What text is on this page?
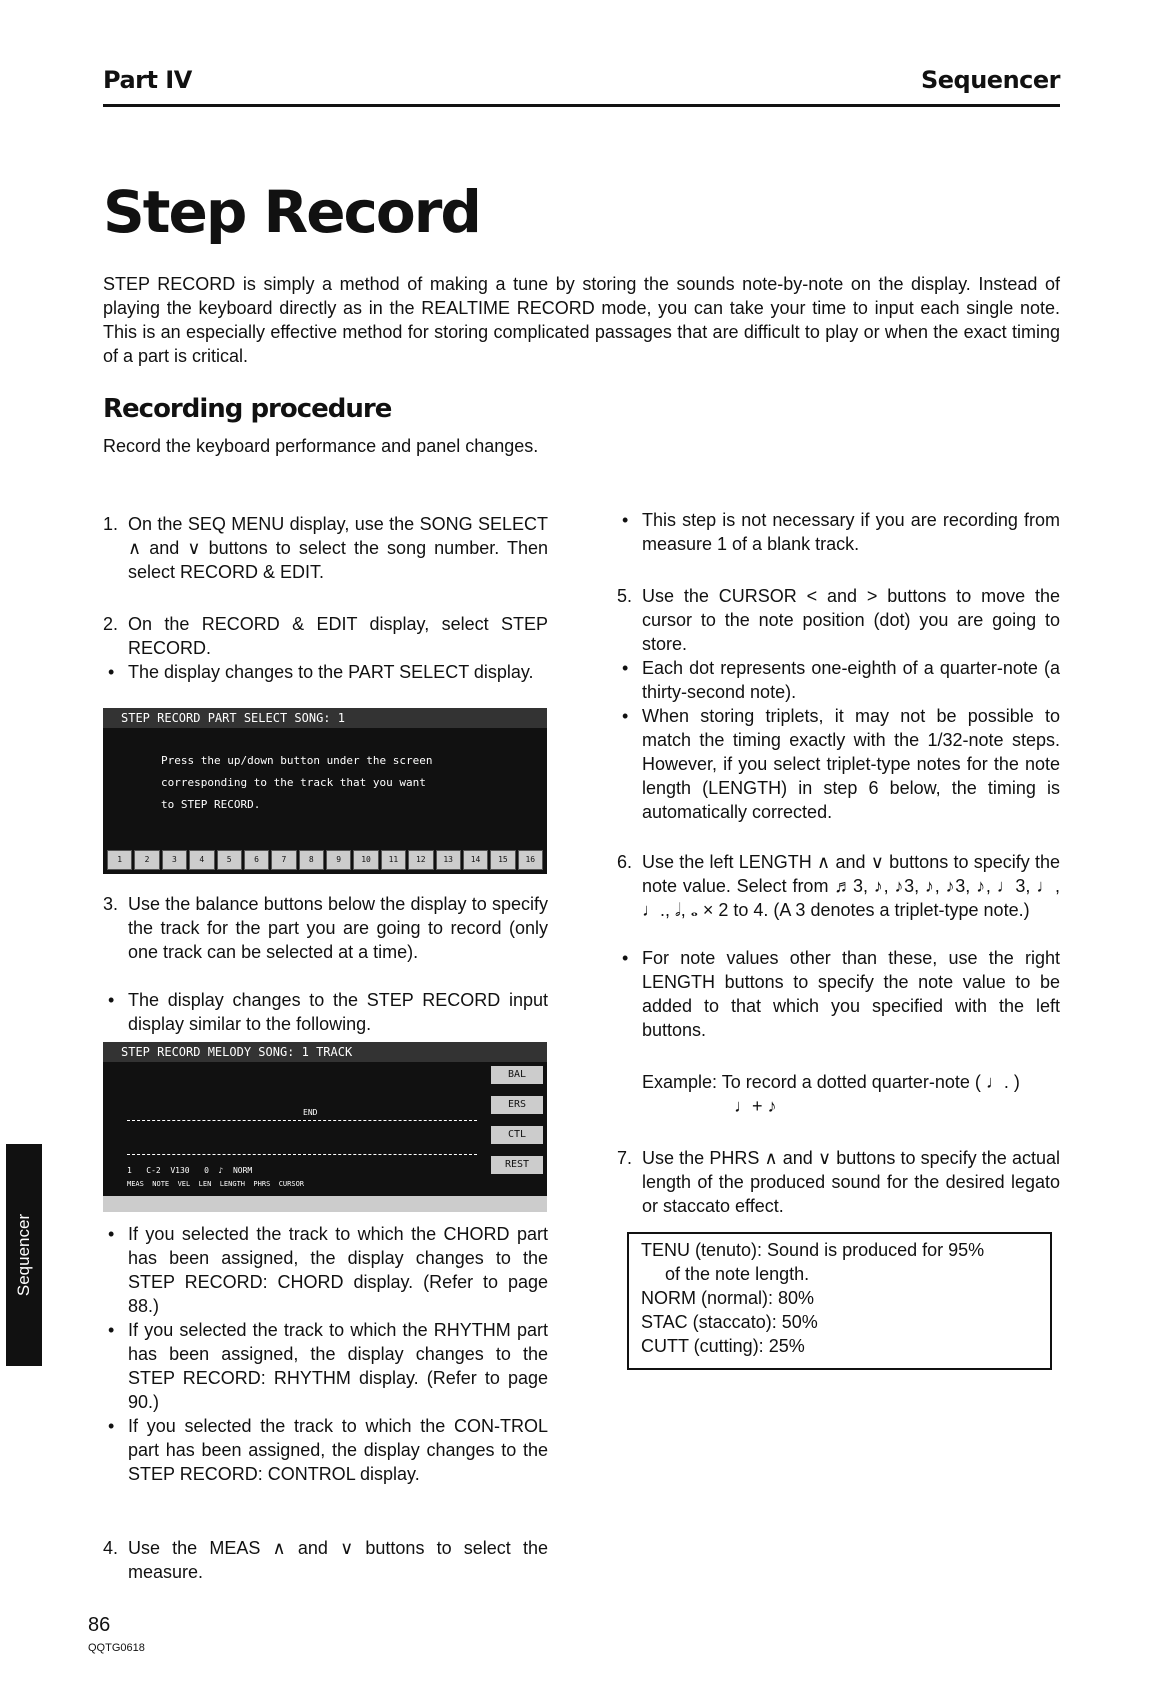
Part IV	Sequencer
Step Record
STEP RECORD is simply a method of making a tune by storing the sounds note-by-note on the display. Instead of playing the keyboard directly as in the REALTIME RECORD mode, you can take your time to input each single note. This is an especially effective method for storing complicated passages that are difficult to play or when the exact timing of a part is critical.
Recording procedure
Record the keyboard performance and panel changes.
1. On the SEQ MENU display, use the SONG SELECT ∧ and ∨ buttons to select the song number. Then select RECORD & EDIT.
2. On the RECORD & EDIT display, select STEP RECORD.
• The display changes to the PART SELECT display.
STEP RECORD PART SELECT SONG: 1
Press the up/down button under the screen
corresponding to the track that you want
to STEP RECORD.
1	2	3	4	5	6	7	8	9	10	11	12	13	14	15	16
3. Use the balance buttons below the display to specify the track for the part you are going to record (only one track can be selected at a time).
• The display changes to the STEP RECORD input display similar to the following.
STEP RECORD MELODY SONG: 1 TRACK
END
BAL
ERS
CTL
REST
1   C-2  V130   0  ♪  NORM
MEAS  NOTE  VEL  LEN  LENGTH  PHRS  CURSOR
• If you selected the track to which the CHORD part has been assigned, the display changes to the STEP RECORD: CHORD display. (Refer to page 88.)
• If you selected the track to which the RHYTHM part has been assigned, the display changes to the STEP RECORD: RHYTHM display. (Refer to page 90.)
• If you selected the track to which the CON-TROL part has been assigned, the display changes to the STEP RECORD: CONTROL display.
4. Use the MEAS ∧ and ∨ buttons to select the measure.
• This step is not necessary if you are recording from measure 1 of a blank track.
5. Use the CURSOR < and > buttons to move the cursor to the note position (dot) you are going to store.
• Each dot represents one-eighth of a quarter-note (a thirty-second note).
• When storing triplets, it may not be possible to match the timing exactly with the 1/32-note steps. However, if you select triplet-type notes for the note length (LENGTH) in step 6 below, the timing is automatically corrected.
6. Use the left LENGTH ∧ and ∨ buttons to specify the note value. Select from ♬3, ♪, ♪3, ♪, ♪3, ♪, ♩3, ♩, ♩., 𝅗𝅥, 𝅝 × 2 to 4. (A 3 denotes a triplet-type note.)
• For note values other than these, use the right LENGTH buttons to specify the note value to be added to that which you specified with the left buttons.
Example: To record a dotted quarter-note ( ♩. )
♩+ ♪
7. Use the PHRS ∧ and ∨ buttons to specify the actual length of the produced sound for the desired legato or staccato effect.
TENU (tenuto): Sound is produced for 95%
of the note length.
NORM (normal): 80%
STAC (staccato): 50%
CUTT (cutting): 25%
Sequencer
86
QQTG0618
